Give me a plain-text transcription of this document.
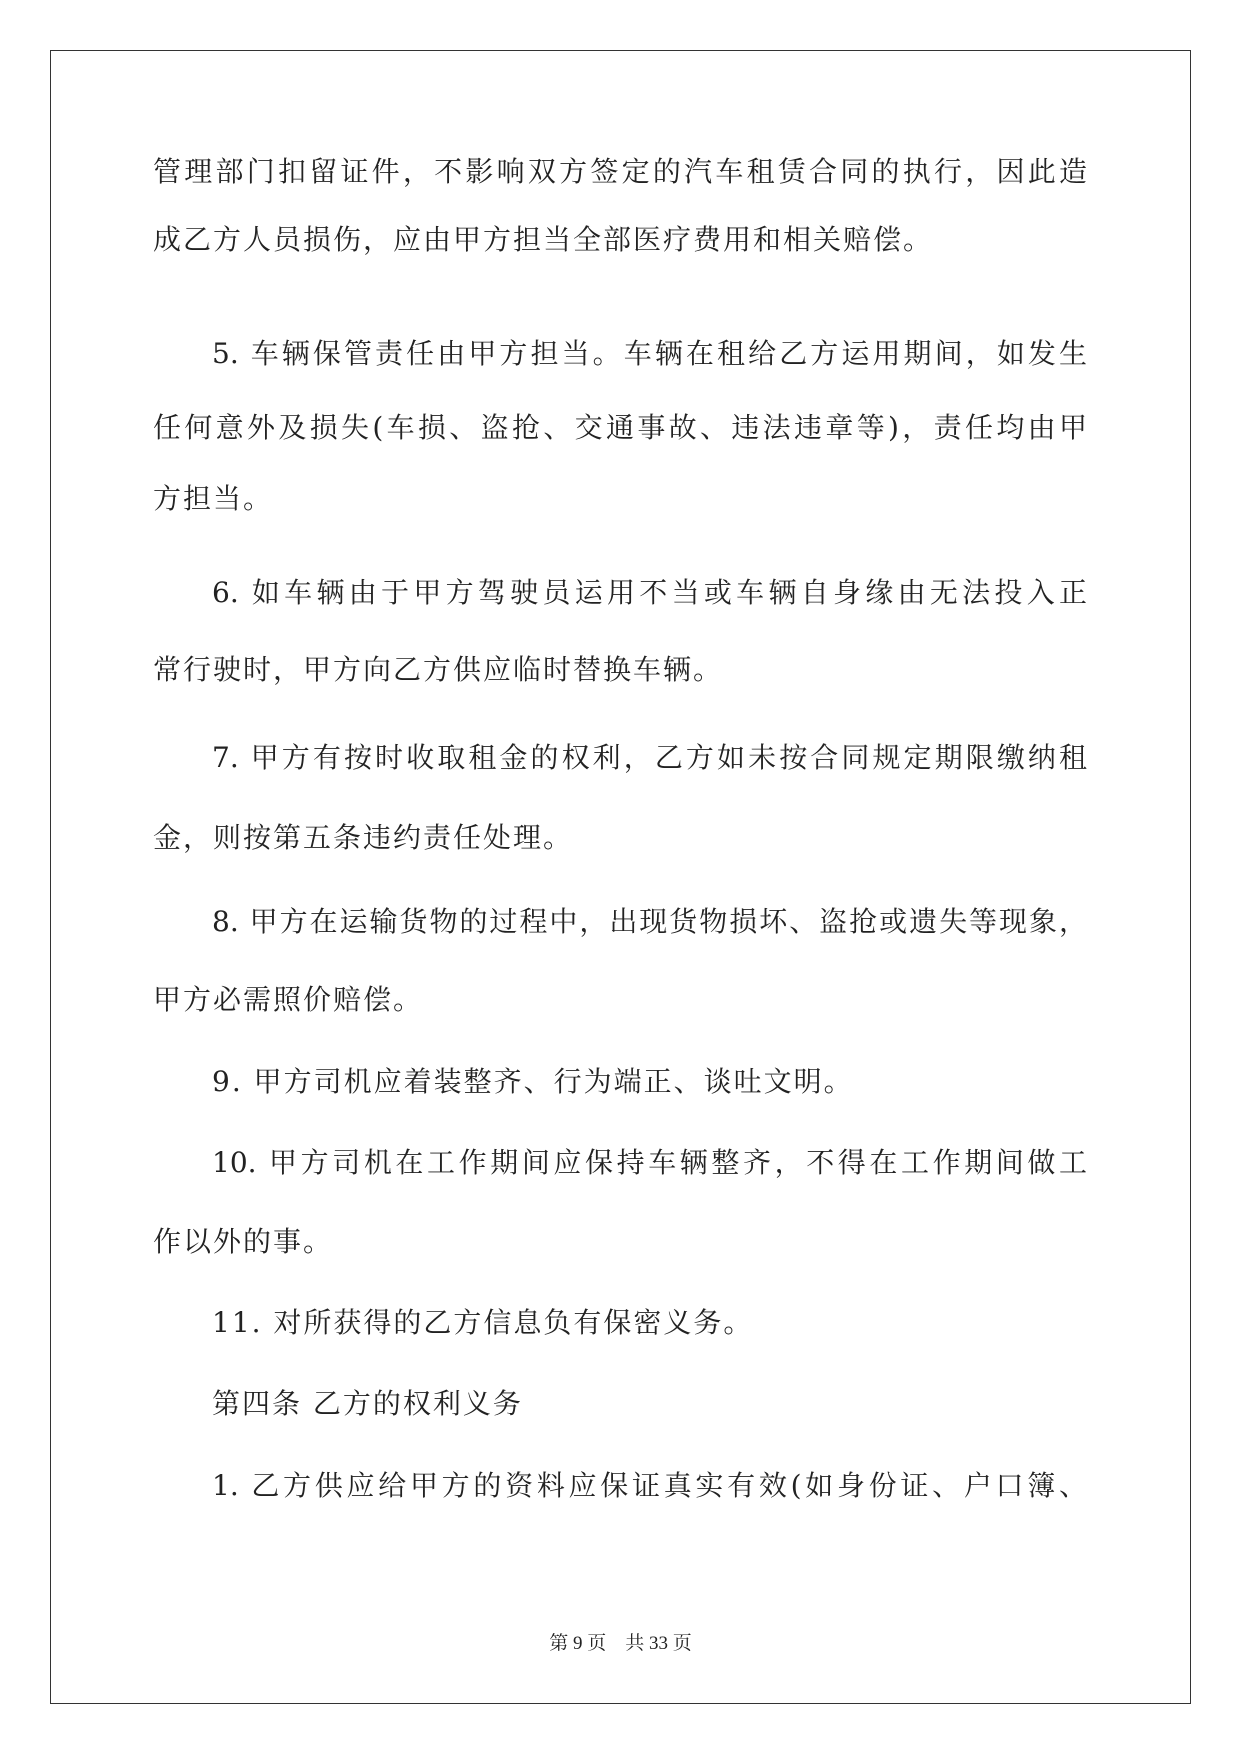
管理部门扣留证件，不影响双方签定的汽车租赁合同的执行，因此造
成乙方人员损伤，应由甲方担当全部医疗费用和相关赔偿。
5. 车辆保管责任由甲方担当。车辆在租给乙方运用期间，如发生
任何意外及损失(车损、盗抢、交通事故、违法违章等)，责任均由甲
方担当。
6. 如车辆由于甲方驾驶员运用不当或车辆自身缘由无法投入正
常行驶时，甲方向乙方供应临时替换车辆。
7. 甲方有按时收取租金的权利，乙方如未按合同规定期限缴纳租
金，则按第五条违约责任处理。
8. 甲方在运输货物的过程中，出现货物损坏、盗抢或遗失等现象，
甲方必需照价赔偿。
9. 甲方司机应着装整齐、行为端正、谈吐文明。
10. 甲方司机在工作期间应保持车辆整齐，不得在工作期间做工
作以外的事。
11. 对所获得的乙方信息负有保密义务。
第四条 乙方的权利义务
1. 乙方供应给甲方的资料应保证真实有效(如身份证、户口簿、
第 9 页　共 33 页
